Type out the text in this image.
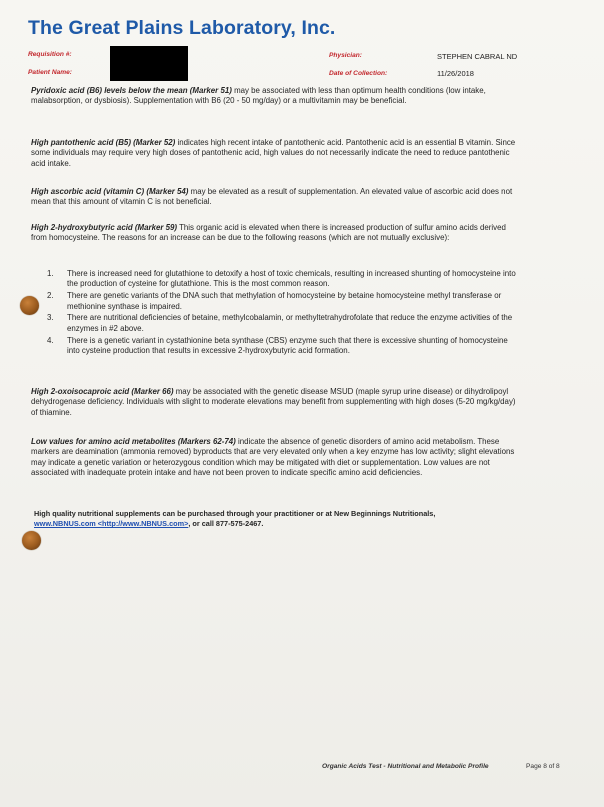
The Great Plains Laboratory, Inc.
Requisition #:
Patient Name:
Physician:	STEPHEN CABRAL ND
Date of Collection:	11/26/2018
Pyridoxic acid (B6) levels below the mean (Marker 51) may be associated with less than optimum health conditions (low intake, malabsorption, or dysbiosis). Supplementation with B6 (20 - 50 mg/day) or a multivitamin may be beneficial.
High pantothenic acid (B5) (Marker 52) indicates high recent intake of pantothenic acid. Pantothenic acid is an essential B vitamin. Since some individuals may require very high doses of pantothenic acid, high values do not necessarily indicate the need to reduce pantothenic acid intake.
High ascorbic acid (vitamin C) (Marker 54) may be elevated as a result of supplementation. An elevated value of ascorbic acid does not mean that this amount of vitamin C is not beneficial.
High 2-hydroxybutyric acid (Marker 59) This organic acid is elevated when there is increased production of sulfur amino acids derived from homocysteine. The reasons for an increase can be due to the following reasons (which are not mutually exclusive):
1. There is increased need for glutathione to detoxify a host of toxic chemicals, resulting in increased shunting of homocysteine into the production of cysteine for glutathione. This is the most common reason.
2. There are genetic variants of the DNA such that methylation of homocysteine by betaine homocysteine methyl transferase or methionine synthase is impaired.
3. There are nutritional deficiencies of betaine, methylcobalamin, or methyltetrahydrofolate that reduce the enzyme activities of the enzymes in #2 above.
4. There is a genetic variant in cystathionine beta synthase (CBS) enzyme such that there is excessive shunting of homocysteine into cysteine production that results in excessive 2-hydroxybutyric acid formation.
High 2-oxoisocaproic acid (Marker 66) may be associated with the genetic disease MSUD (maple syrup urine disease) or dihydrolipoyl dehydrogenase deficiency. Individuals with slight to moderate elevations may benefit from supplementing with high doses (5-20 mg/kg/day) of thiamine.
Low values for amino acid metabolites (Markers 62-74) indicate the absence of genetic disorders of amino acid metabolism. These markers are deamination (ammonia removed) byproducts that are very elevated only when a key enzyme has low activity; slight elevations may indicate a genetic variation or heterozygous condition which may be mitigated with diet or supplementation. Low values are not associated with inadequate protein intake and have not been proven to indicate specific amino acid deficiencies.
High quality nutritional supplements can be purchased through your practitioner or at New Beginnings Nutritionals,
www.NBNUS.com <http://www.NBNUS.com>, or call 877-575-2467.
Organic Acids Test - Nutritional and Metabolic Profile	Page 8 of 8
